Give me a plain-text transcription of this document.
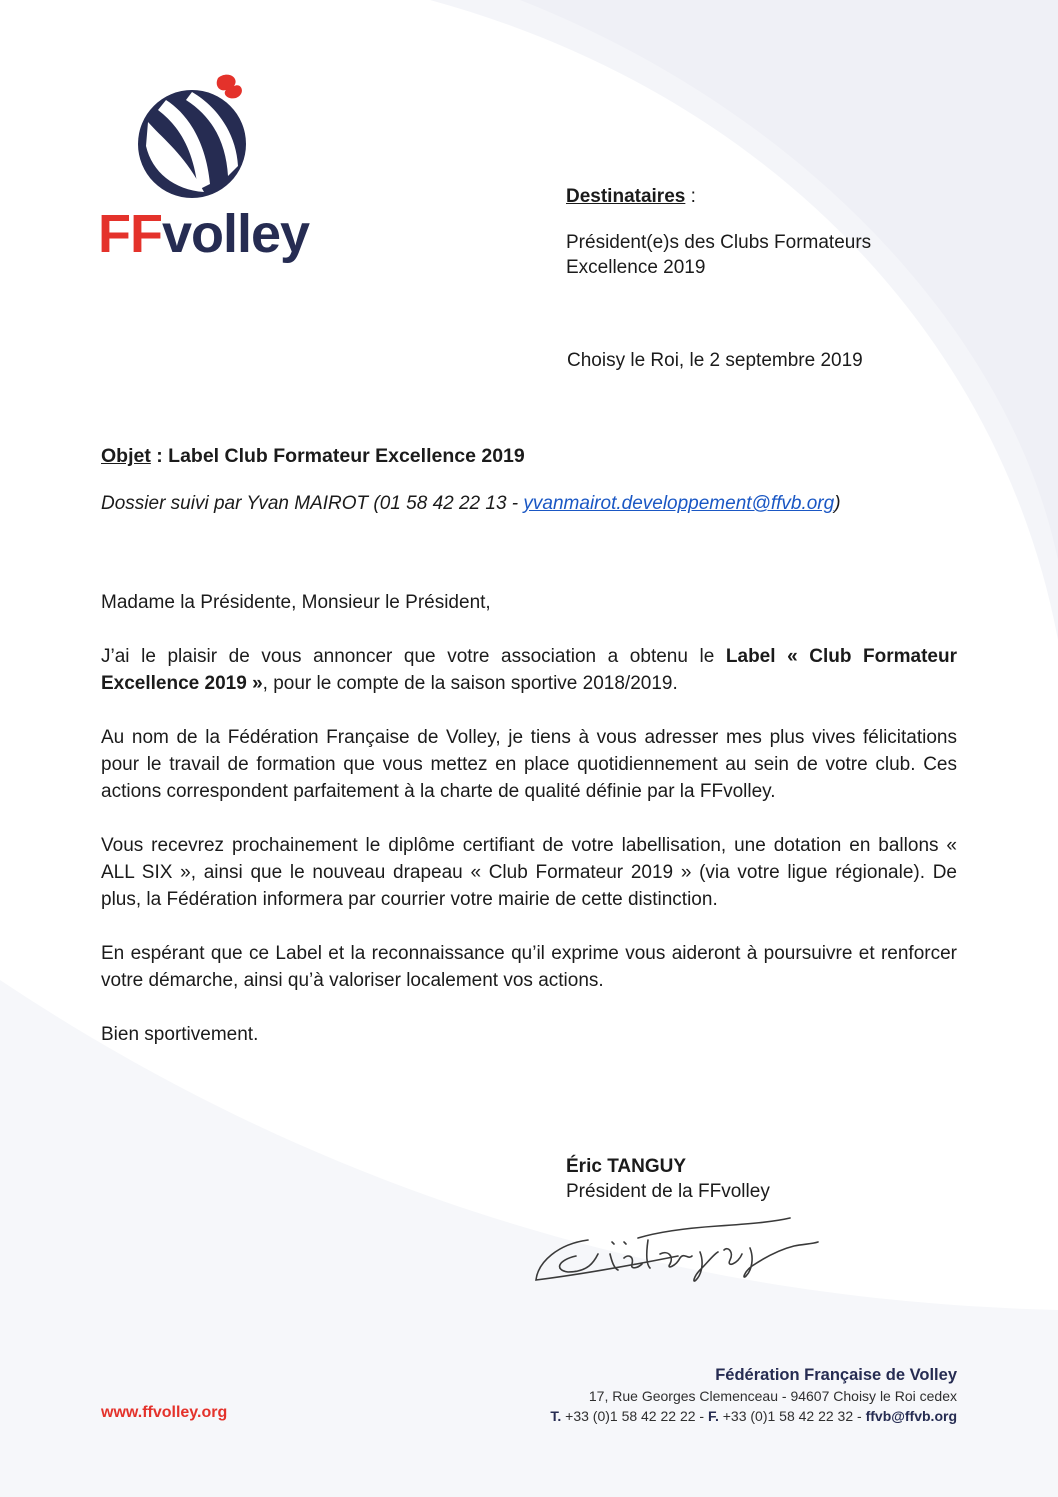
FFvolley
Destinataires :
Président(e)s des Clubs Formateurs
Excellence 2019
Choisy le Roi, le 2 septembre 2019
Objet : Label Club Formateur Excellence 2019
Dossier suivi par Yvan MAIROT (01 58 42 22 13 - yvanmairot.developpement@ffvb.org)

Madame la Présidente, Monsieur le Président,

J’ai le plaisir de vous annoncer que votre association a obtenu le Label « Club Formateur Excellence 2019 », pour le compte de la saison sportive 2018/2019.

Au nom de la Fédération Française de Volley, je tiens à vous adresser mes plus vives félicitations pour le travail de formation que vous mettez en place quotidiennement au sein de votre club. Ces actions correspondent parfaitement à la charte de qualité définie par la FFvolley.

Vous recevrez prochainement le diplôme certifiant de votre labellisation, une dotation en ballons « ALL SIX », ainsi que le nouveau drapeau « Club Formateur 2019 » (via votre ligue régionale). De plus, la Fédération informera par courrier votre mairie de cette distinction.

En espérant que ce Label et la reconnaissance qu’il exprime vous aideront à poursuivre et renforcer votre démarche, ainsi qu’à valoriser localement vos actions.

Bien sportivement.

Éric TANGUY
Président de la FFvolley
Fédération Française de Volley
17, Rue Georges Clemenceau - 94607 Choisy le Roi cedex
T. +33 (0)1 58 42 22 22 - F. +33 (0)1 58 42 22 32 - ffvb@ffvb.org
www.ffvolley.org
